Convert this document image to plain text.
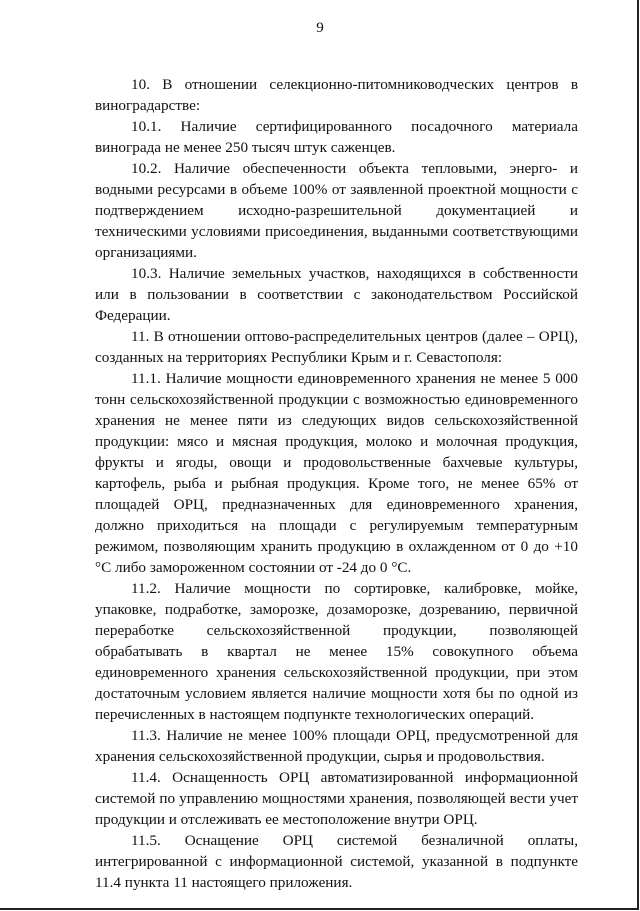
9

10. В отношении селекционно-питомниководческих центров в виноградарстве:

10.1. Наличие сертифицированного посадочного материала винограда не менее 250 тысяч штук саженцев.

10.2. Наличие обеспеченности объекта тепловыми, энерго- и водными ресурсами в объеме 100% от заявленной проектной мощности с подтверждением исходно-разрешительной документацией и техническими условиями присоединения, выданными соответствующими организациями.

10.3. Наличие земельных участков, находящихся в собственности или в пользовании в соответствии с законодательством Российской Федерации.

11. В отношении оптово-распределительных центров (далее – ОРЦ), созданных на территориях Республики Крым и г. Севастополя:

11.1. Наличие мощности единовременного хранения не менее 5 000 тонн сельскохозяйственной продукции с возможностью единовременного хранения не менее пяти из следующих видов сельскохозяйственной продукции: мясо и мясная продукция, молоко и молочная продукция, фрукты и ягоды, овощи и продовольственные бахчевые культуры, картофель, рыба и рыбная продукция. Кроме того, не менее 65% от площадей ОРЦ, предназначенных для единовременного хранения, должно приходиться на площади с регулируемым температурным режимом, позволяющим хранить продукцию в охлажденном от 0 до +10 °C либо замороженном состоянии от -24 до 0 °C.

11.2. Наличие мощности по сортировке, калибровке, мойке, упаковке, подработке, заморозке, дозаморозке, дозреванию, первичной переработке сельскохозяйственной продукции, позволяющей обрабатывать в квартал не менее 15% совокупного объема единовременного хранения сельскохозяйственной продукции, при этом достаточным условием является наличие мощности хотя бы по одной из перечисленных в настоящем подпункте технологических операций.

11.3. Наличие не менее 100% площади ОРЦ, предусмотренной для хранения сельскохозяйственной продукции, сырья и продовольствия.

11.4. Оснащенность ОРЦ автоматизированной информационной системой по управлению мощностями хранения, позволяющей вести учет продукции и отслеживать ее местоположение внутри ОРЦ.

11.5. Оснащение ОРЦ системой безналичной оплаты, интегрированной с информационной системой, указанной в подпункте 11.4 пункта 11 настоящего приложения.
